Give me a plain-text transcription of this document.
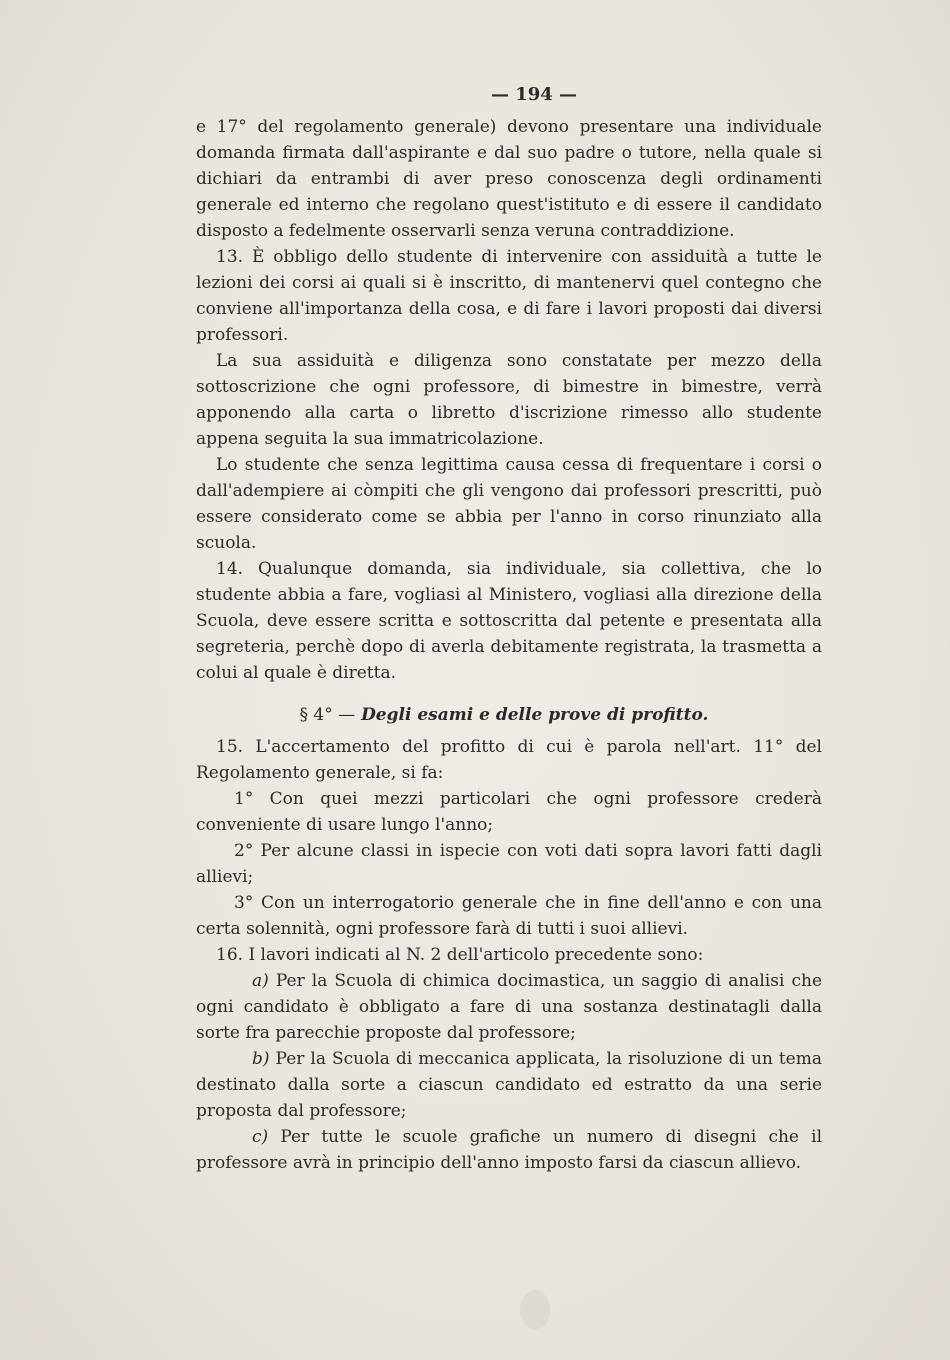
— 194 —

e 17° del regolamento generale) devono presentare una individuale domanda firmata dall'aspirante e dal suo padre o tutore, nella quale si dichiari da entrambi di aver preso conoscenza degli ordinamenti generale ed interno che regolano quest'istituto e di essere il candidato disposto a fedelmente osservarli senza veruna contraddizione.

13. È obbligo dello studente di intervenire con assiduità a tutte le lezioni dei corsi ai quali si è inscritto, di mantenervi quel contegno che conviene all'importanza della cosa, e di fare i lavori proposti dai diversi professori.

La sua assiduità e diligenza sono constatate per mezzo della sottoscrizione che ogni professore, di bimestre in bimestre, verrà apponendo alla carta o libretto d'iscrizione rimesso allo studente appena seguita la sua immatricolazione.

Lo studente che senza legittima causa cessa di frequentare i corsi o dall'adempiere ai còmpiti che gli vengono dai professori prescritti, può essere considerato come se abbia per l'anno in corso rinunziato alla scuola.

14. Qualunque domanda, sia individuale, sia collettiva, che lo studente abbia a fare, vogliasi al Ministero, vogliasi alla direzione della Scuola, deve essere scritta e sottoscritta dal petente e presentata alla segreteria, perchè dopo di averla debitamente registrata, la trasmetta a colui al quale è diretta.

§ 4° — Degli esami e delle prove di profitto.

15. L'accertamento del profitto di cui è parola nell'art. 11° del Regolamento generale, si fa:

1° Con quei mezzi particolari che ogni professore crederà conveniente di usare lungo l'anno;

2° Per alcune classi in ispecie con voti dati sopra lavori fatti dagli allievi;

3° Con un interrogatorio generale che in fine dell'anno e con una certa solennità, ogni professore farà di tutti i suoi allievi.

16. I lavori indicati al N. 2 dell'articolo precedente sono:

a) Per la Scuola di chimica docimastica, un saggio di analisi che ogni candidato è obbligato a fare di una sostanza destinatagli dalla sorte fra parecchie proposte dal professore;

b) Per la Scuola di meccanica applicata, la risoluzione di un tema destinato dalla sorte a ciascun candidato ed estratto da una serie proposta dal professore;

c) Per tutte le scuole grafiche un numero di disegni che il professore avrà in principio dell'anno imposto farsi da ciascun allievo.
